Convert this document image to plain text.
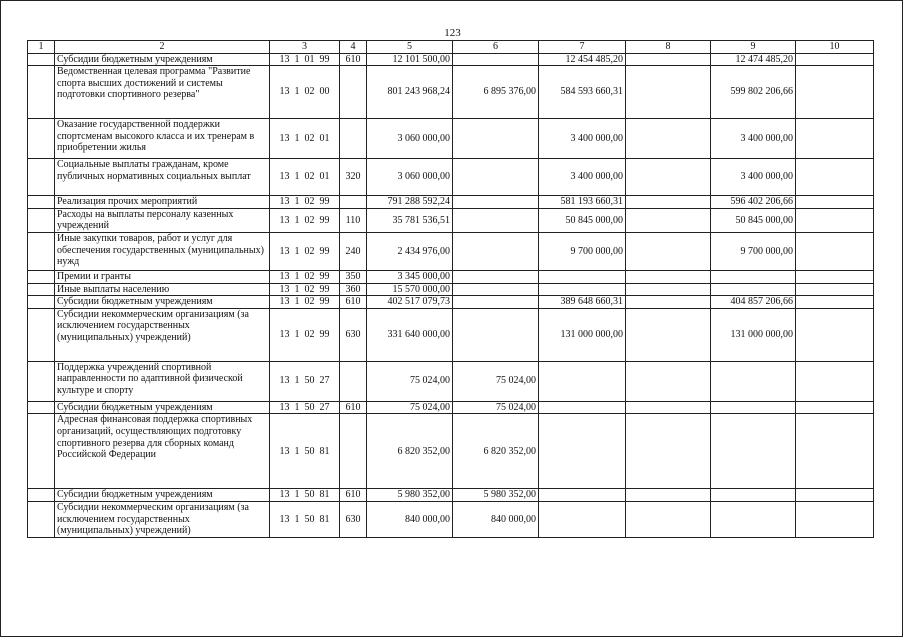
123
1	2	3	4	5	6	7	8	9	10
	Субсидии бюджетным учреждениям	13  1  01  99	610	12 101 500,00		12 454 485,20		12 474 485,20	
	Ведомственная целевая программа "Развитие спорта высших достижений и системы подготовки спортивного резерва"	13  1  02  00		801 243 968,24	6 895 376,00	584 593 660,31		599 802 206,66	
	Оказание государственной поддержки спортсменам высокого класса и их тренерам в приобретении жилья	13  1  02  01		3 060 000,00		3 400 000,00		3 400 000,00	
	Социальные выплаты гражданам, кроме публичных нормативных социальных выплат	13  1  02  01	320	3 060 000,00		3 400 000,00		3 400 000,00	
	Реализация прочих мероприятий	13  1  02  99		791 288 592,24		581 193 660,31		596 402 206,66	
	Расходы на выплаты персоналу казенных учреждений	13  1  02  99	110	35 781 536,51		50 845 000,00		50 845 000,00	
	Иные закупки товаров, работ и услуг для обеспечения государственных (муниципальных) нужд	13  1  02  99	240	2 434 976,00		9 700 000,00		9 700 000,00	
	Премии и гранты	13  1  02  99	350	3 345 000,00					
	Иные выплаты населению	13  1  02  99	360	15 570 000,00					
	Субсидии бюджетным учреждениям	13  1  02  99	610	402 517 079,73		389 648 660,31		404 857 206,66	
	Субсидии некоммерческим организациям (за исключением государственных (муниципальных) учреждений)	13  1  02  99	630	331 640 000,00		131 000 000,00		131 000 000,00	
	Поддержка учреждений спортивной направленности по адаптивной физической культуре и спорту	13  1  50  27		75 024,00	75 024,00				
	Субсидии бюджетным учреждениям	13  1  50  27	610	75 024,00	75 024,00				
	Адресная финансовая поддержка спортивных организаций, осуществляющих подготовку спортивного резерва для сборных команд Российской Федерации	13  1  50  81		6 820 352,00	6 820 352,00				
	Субсидии бюджетным учреждениям	13  1  50  81	610	5 980 352,00	5 980 352,00				
	Субсидии некоммерческим организациям (за исключением государственных (муниципальных) учреждений)	13  1  50  81	630	840 000,00	840 000,00				
